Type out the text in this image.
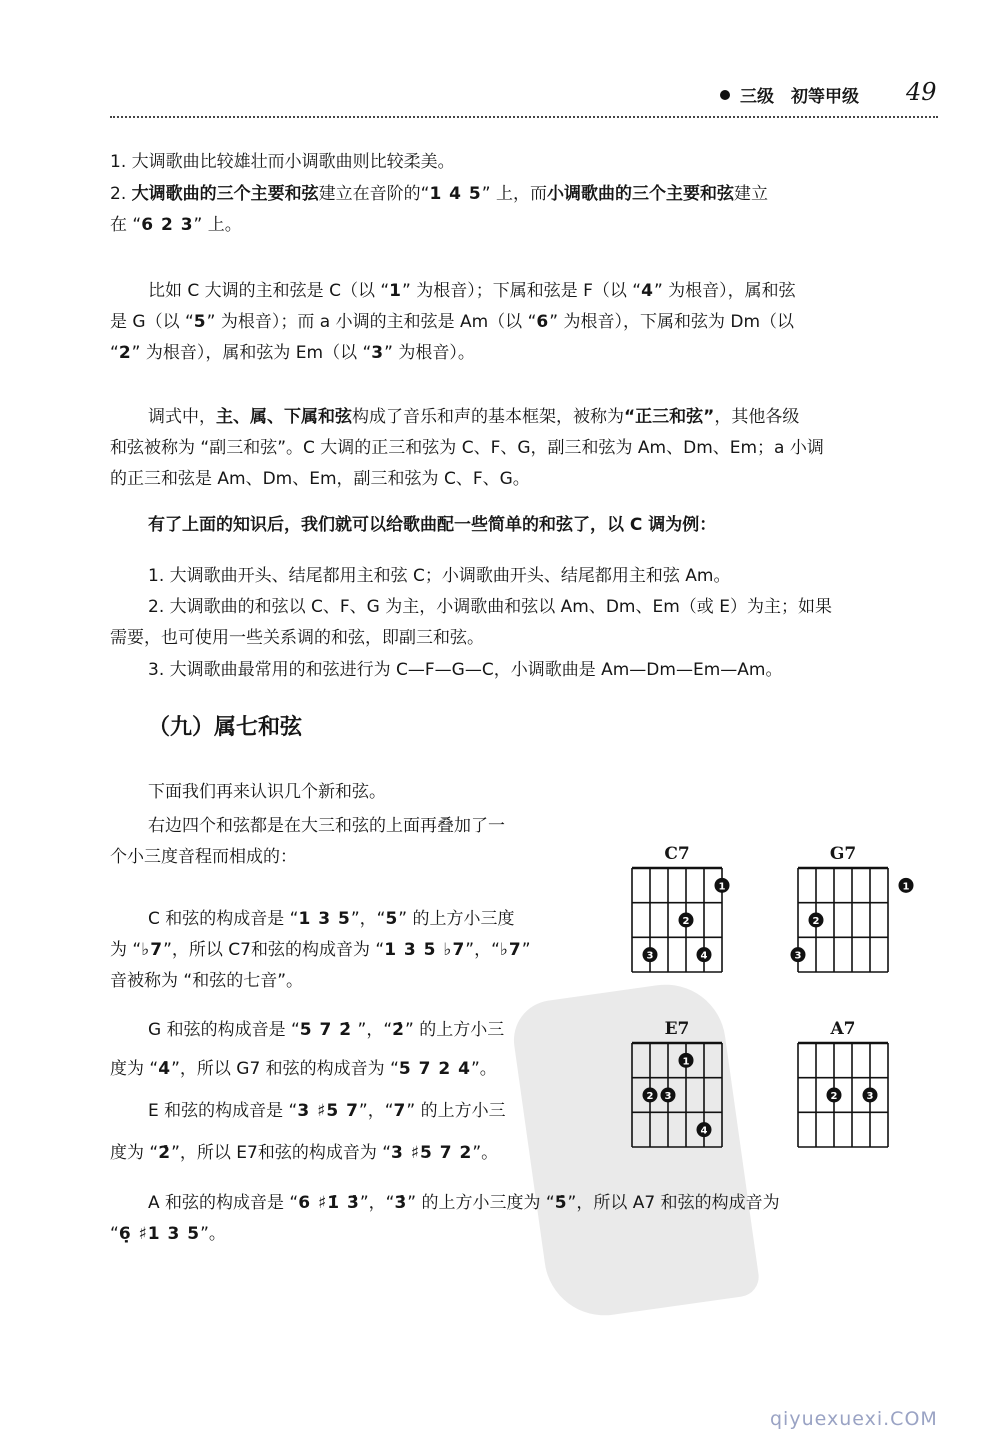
三级　初等甲级 49
1. 大调歌曲比较雄壮而小调歌曲则比较柔美。
2. 大调歌曲的三个主要和弦建立在音阶的“1 4 5” 上，而小调歌曲的三个主要和弦建立
在 “6 2 3” 上。
比如 C 大调的主和弦是 C（以 “1” 为根音）；下属和弦是 F（以 “4” 为根音），属和弦
是 G（以 “5” 为根音）；而 a 小调的主和弦是 Am（以 “6” 为根音），下属和弦为 Dm（以
“2” 为根音），属和弦为 Em（以 “3” 为根音）。
调式中，主、属、下属和弦构成了音乐和声的基本框架，被称为“正三和弦”，其他各级
和弦被称为 “副三和弦”。C 大调的正三和弦为 C、F、G，副三和弦为 Am、Dm、Em；a 小调
的正三和弦是 Am、Dm、Em，副三和弦为 C、F、G。
有了上面的知识后，我们就可以给歌曲配一些简单的和弦了，以 C 调为例：
1. 大调歌曲开头、结尾都用主和弦 C；小调歌曲开头、结尾都用主和弦 Am。
2. 大调歌曲的和弦以 C、F、G 为主，小调歌曲和弦以 Am、Dm、Em（或 E）为主；如果
需要，也可使用一些关系调的和弦，即副三和弦。
3. 大调歌曲最常用的和弦进行为 C—F—G—C，小调歌曲是 Am—Dm—Em—Am。
（九）属七和弦
下面我们再来认识几个新和弦。
右边四个和弦都是在大三和弦的上面再叠加了一
个小三度音程而相成的：
C 和弦的构成音是 “1 3 5”，“5” 的上方小三度
为 “♭7”，所以 C7和弦的构成音为 “1 3 5 ♭7”，“♭7”
音被称为 “和弦的七音”。
G 和弦的构成音是 “5 7 2̇ ”，“2̇” 的上方小三
度为 “4̇”，所以 G7 和弦的构成音为 “5 7 2 4”。
E 和弦的构成音是 “3 ♯5 7”，“7” 的上方小三
度为 “2̇”，所以 E7和弦的构成音为 “3 ♯5 7 2”。
A 和弦的构成音是 “6 ♯1̇ 3̇”，“3̇” 的上方小三度为 “5̇”，所以 A7 和弦的构成音为
“6̣ ♯1 3 5”。
C7
1
2
3	4
G7
1
2
3
E7
1
2 3
4
A7
2	3
qiyuexuexi.COM
